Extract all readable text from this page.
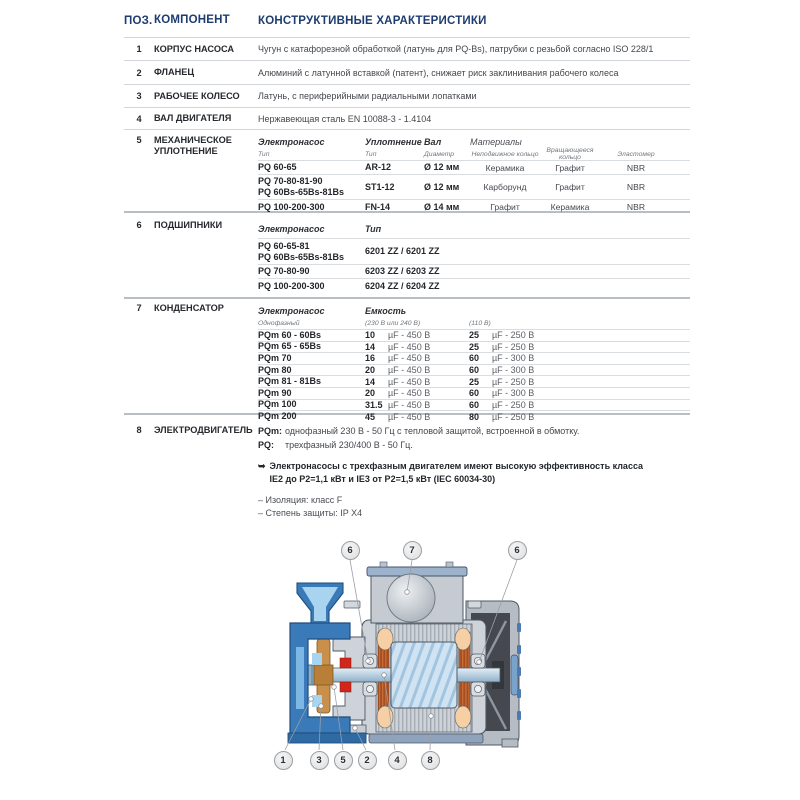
ПОЗ. КОМПОНЕНТ	КОНСТРУКТИВНЫЕ ХАРАКТЕРИСТИКИ
1	КОРПУС НАСОСА	Чугун с катафорезной обработкой (латунь для PQ-Bs), патрубки с резьбой согласно ISO 228/1
2	ФЛАНЕЦ	Алюминий с латунной вставкой (патент), снижает риск заклинивания рабочего колеса
3	РАБОЧЕЕ КОЛЕСО	Латунь, с периферийными радиальными лопатками
4	ВАЛ ДВИГАТЕЛЯ	Нержавеющая сталь EN 10088-3 - 1.4104
5	МЕХАНИЧЕСКОЕ
УПЛОТНЕНИЕ
Электронасос	Уплотнение Вал	Материалы
Тип	Тип	Диаметр	Неподвижное кольцо	Вращающееся кольцо	Эластомер
PQ 60-65	AR-12	Ø 12 мм	Керамика	Графит	NBR
PQ 70-80-81-90
PQ 60Bs-65Bs-81Bs
ST1-12	Ø 12 мм	Карборунд	Графит	NBR
PQ 100-200-300	FN-14	Ø 14 мм	Графит	Керамика	NBR
6	ПОДШИПНИКИ	Электронасос	Тип
PQ 60-65-81
PQ 60Bs-65Bs-81Bs
6201 ZZ / 6201 ZZ
PQ 70-80-90	6203 ZZ / 6203 ZZ
PQ 100-200-300	6204 ZZ / 6204 ZZ
7	КОНДЕНСАТОР	Электронасос	Емкость
Однофазный	(230 В или 240 В)	(110 В)
PQm 60 - 60Bs	10 µF - 450 В	25 µF - 250 В
PQm 65 - 65Bs	14 µF - 450 В	25 µF - 250 В
PQm 70	16 µF - 450 В	60 µF - 300 В
PQm 80	20 µF - 450 В	60 µF - 300 В
PQm 81 - 81Bs	14 µF - 450 В	25 µF - 250 В
PQm 90	20 µF - 450 В	60 µF - 300 В
PQm 100	31.5 µF - 450 В	60 µF - 250 В
PQm 200	45 µF - 450 В	80 µF - 250 В
8	ЭЛЕКТРОДВИГАТЕЛЬ PQm: однофазный 230 В - 50 Гц с тепловой защитой, встроенной в обмотку.
PQ:	трехфазный 230/400 В - 50 Гц.
➥ Электронасосы с трехфазным двигателем имеют высокую эффективность класса
IE2 до P2=1,1 кВт и IE3 от P2=1,5 кВт (IEC 60034-30)
– Изоляция: класс F
– Степень защиты: IP X4
6	7	6
1	3	5	2	4	8
